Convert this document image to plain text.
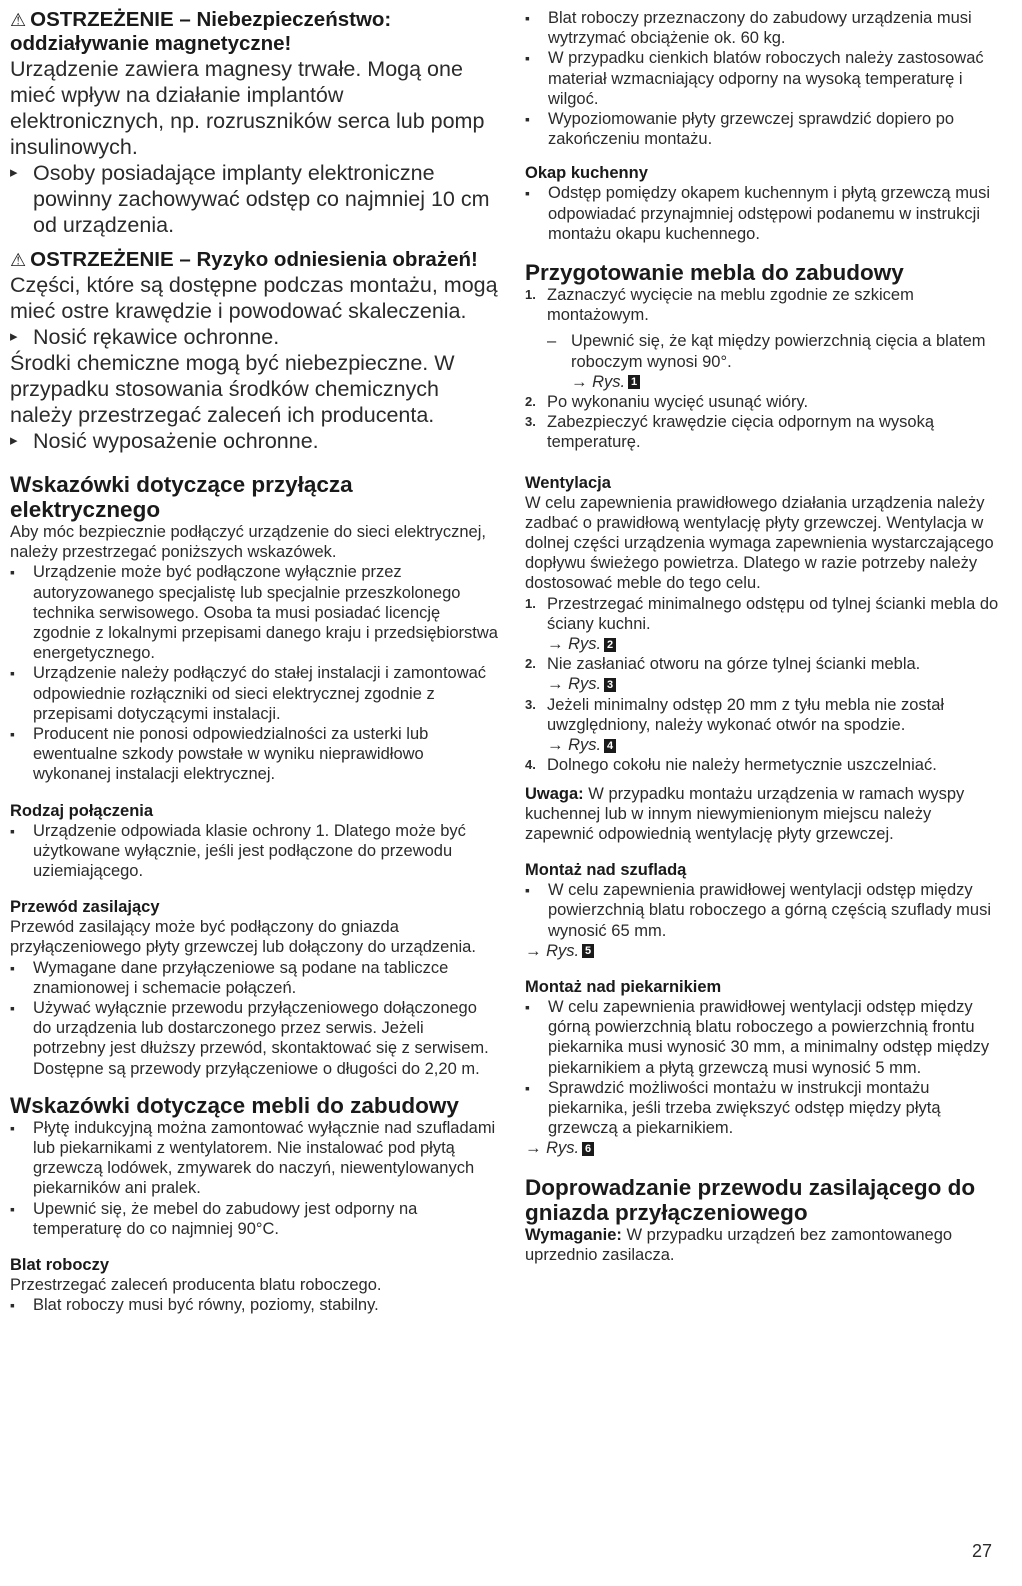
⚠ OSTRZEŻENIE – Niebezpieczeństwo: oddziaływanie magnetyczne!

Urządzenie zawiera magnesy trwałe. Mogą one mieć wpływ na działanie implantów elektronicznych, np. rozruszników serca lub pomp insulinowych.

▸ Osoby posiadające implanty elektroniczne powinny zachowywać odstęp co najmniej 10 cm od urządzenia.

⚠ OSTRZEŻENIE – Ryzyko odniesienia obrażeń!

Części, które są dostępne podczas montażu, mogą mieć ostre krawędzie i powodować skaleczenia.

▸ Nosić rękawice ochronne.

Środki chemiczne mogą być niebezpieczne. W przypadku stosowania środków chemicznych należy przestrzegać zaleceń ich producenta.

▸ Nosić wyposażenie ochronne.

Wskazówki dotyczące przyłącza elektrycznego

Aby móc bezpiecznie podłączyć urządzenie do sieci elektrycznej, należy przestrzegać poniższych wskazówek.

▪ Urządzenie może być podłączone wyłącznie przez autoryzowanego specjalistę lub specjalnie przeszkolonego technika serwisowego. Osoba ta musi posiadać licencję zgodnie z lokalnymi przepisami danego kraju i przedsiębiorstwa energetycznego.

▪ Urządzenie należy podłączyć do stałej instalacji i zamontować odpowiednie rozłączniki od sieci elektrycznej zgodnie z przepisami dotyczącymi instalacji.

▪ Producent nie ponosi odpowiedzialności za usterki lub ewentualne szkody powstałe w wyniku nieprawidłowo wykonanej instalacji elektrycznej.

Rodzaj połączenia

▪ Urządzenie odpowiada klasie ochrony 1. Dlatego może być użytkowane wyłącznie, jeśli jest podłączone do przewodu uziemiającego.

Przewód zasilający

Przewód zasilający może być podłączony do gniazda przyłączeniowego płyty grzewczej lub dołączony do urządzenia.

▪ Wymagane dane przyłączeniowe są podane na tabliczce znamionowej i schemacie połączeń.

▪ Używać wyłącznie przewodu przyłączeniowego dołączonego do urządzenia lub dostarczonego przez serwis. Jeżeli potrzebny jest dłuższy przewód, skontaktować się z serwisem. Dostępne są przewody przyłączeniowe o długości do 2,20 m.

Wskazówki dotyczące mebli do zabudowy

▪ Płytę indukcyjną można zamontować wyłącznie nad szufladami lub piekarnikami z wentylatorem. Nie instalować pod płytą grzewczą lodówek, zmywarek do naczyń, niewentylowanych piekarników ani pralek.

▪ Upewnić się, że mebel do zabudowy jest odporny na temperaturę do co najmniej 90°C.

Blat roboczy

Przestrzegać zaleceń producenta blatu roboczego.

▪ Blat roboczy musi być równy, poziomy, stabilny.

▪ Blat roboczy przeznaczony do zabudowy urządzenia musi wytrzymać obciążenie ok. 60 kg.

▪ W przypadku cienkich blatów roboczych należy zastosować materiał wzmacniający odporny na wysoką temperaturę i wilgoć.

▪ Wypoziomowanie płyty grzewczej sprawdzić dopiero po zakończeniu montażu.

Okap kuchenny

▪ Odstęp pomiędzy okapem kuchennym i płytą grzewczą musi odpowiadać przynajmniej odstępowi podanemu w instrukcji montażu okapu kuchennego.

Przygotowanie mebla do zabudowy

1. Zaznaczyć wycięcie na meblu zgodnie ze szkicem montażowym.

– Upewnić się, że kąt między powierzchnią cięcia a blatem roboczym wynosi 90°.

→ Rys. 1

2. Po wykonaniu wycięć usunąć wióry.

3. Zabezpieczyć krawędzie cięcia odpornym na wysoką temperaturę.

Wentylacja

W celu zapewnienia prawidłowego działania urządzenia należy zadbać o prawidłową wentylację płyty grzewczej. Wentylacja w dolnej części urządzenia wymaga zapewnienia wystarczającego dopływu świeżego powietrza. Dlatego w razie potrzeby należy dostosować meble do tego celu.

1. Przestrzegać minimalnego odstępu od tylnej ścianki mebla do ściany kuchni.

→ Rys. 2

2. Nie zasłaniać otworu na górze tylnej ścianki mebla.

→ Rys. 3

3. Jeżeli minimalny odstęp 20 mm z tyłu mebla nie został uwzględniony, należy wykonać otwór na spodzie.

→ Rys. 4

4. Dolnego cokołu nie należy hermetycznie uszczelniać.

Uwaga: W przypadku montażu urządzenia w ramach wyspy kuchennej lub w innym niewymienionym miejscu należy zapewnić odpowiednią wentylację płyty grzewczej.

Montaż nad szufladą

▪ W celu zapewnienia prawidłowej wentylacji odstęp między powierzchnią blatu roboczego a górną częścią szuflady musi wynosić 65 mm.

→ Rys. 5

Montaż nad piekarnikiem

▪ W celu zapewnienia prawidłowej wentylacji odstęp między górną powierzchnią blatu roboczego a powierzchnią frontu piekarnika musi wynosić 30 mm, a minimalny odstęp między piekarnikiem a płytą grzewczą musi wynosić 5 mm.

▪ Sprawdzić możliwości montażu w instrukcji montażu piekarnika, jeśli trzeba zwiększyć odstęp między płytą grzewczą a piekarnikiem.

→ Rys. 6

Doprowadzanie przewodu zasilającego do gniazda przyłączeniowego

Wymaganie: W przypadku urządzeń bez zamontowanego uprzednio zasilacza.

27
